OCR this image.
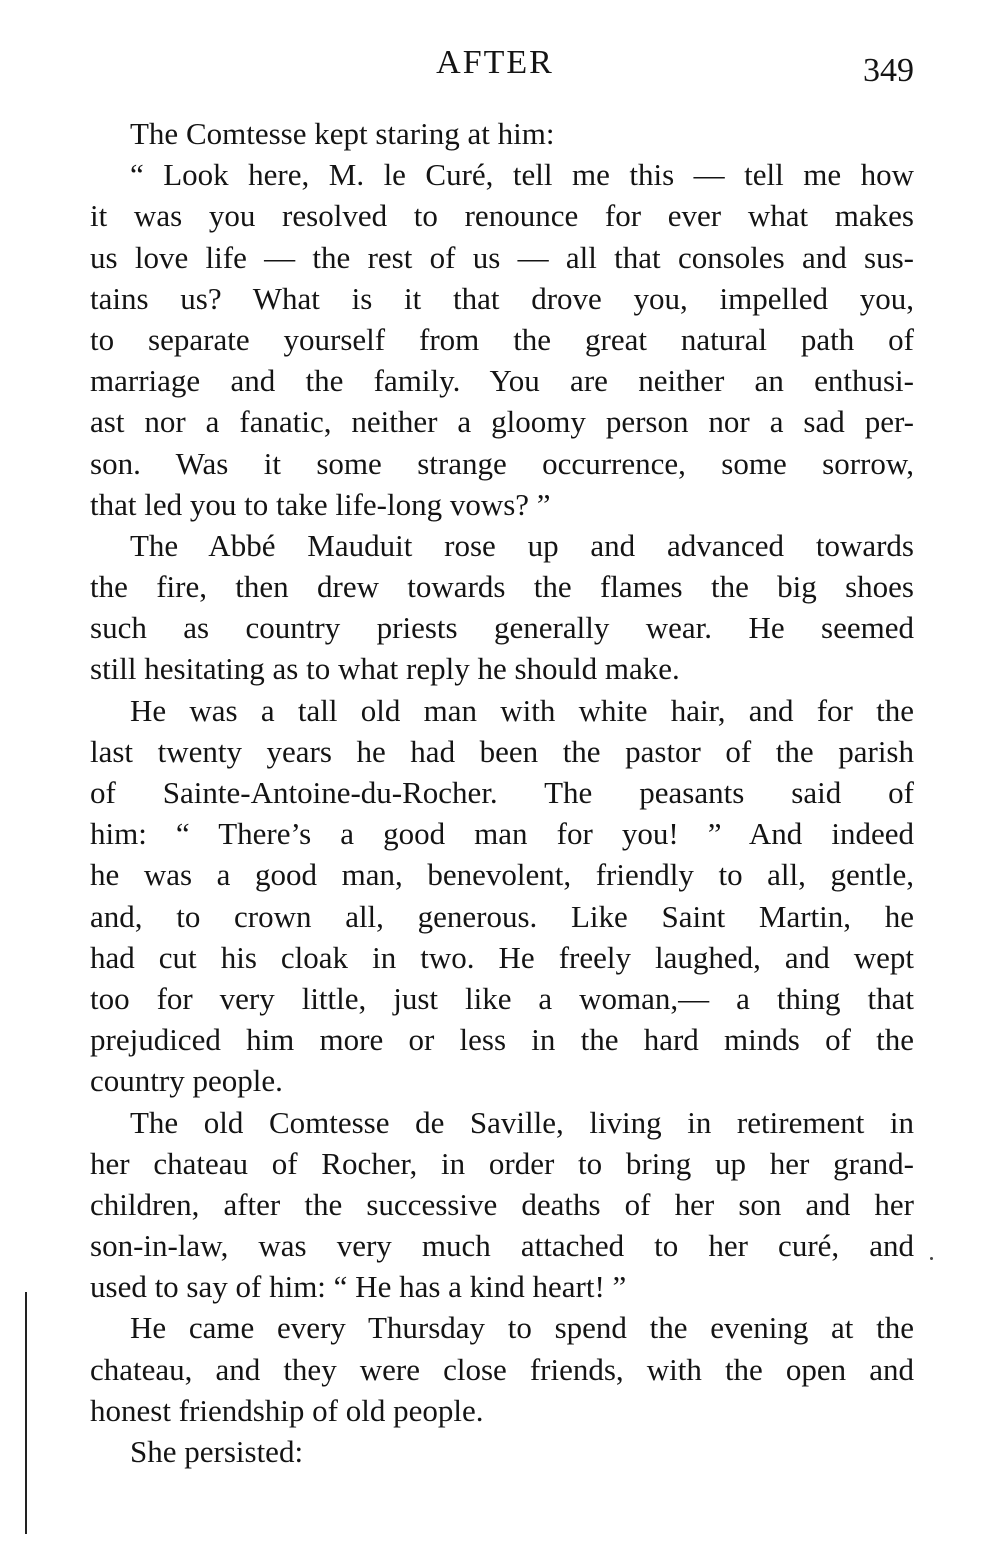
AFTER	349
The Comtesse kept staring at him:
“ Look here, M. le Curé, tell me this — tell me how
it was you resolved to renounce for ever what makes
us love life — the rest of us — all that consoles and sus-
tains us? What is it that drove you, impelled you,
to separate yourself from the great natural path of
marriage and the family. You are neither an enthusi-
ast nor a fanatic, neither a gloomy person nor a sad per-
son. Was it some strange occurrence, some sorrow,
that led you to take life-long vows? ”
The Abbé Mauduit rose up and advanced towards
the fire, then drew towards the flames the big shoes
such as country priests generally wear. He seemed
still hesitating as to what reply he should make.
He was a tall old man with white hair, and for the
last twenty years he had been the pastor of the parish
of Sainte-Antoine-du-Rocher. The peasants said of
him: “ There’s a good man for you! ” And indeed
he was a good man, benevolent, friendly to all, gentle,
and, to crown all, generous. Like Saint Martin, he
had cut his cloak in two. He freely laughed, and wept
too for very little, just like a woman,— a thing that
prejudiced him more or less in the hard minds of the
country people.
The old Comtesse de Saville, living in retirement in
her chateau of Rocher, in order to bring up her grand-
children, after the successive deaths of her son and her
son-in-law, was very much attached to her curé, and
used to say of him: “ He has a kind heart! ”
He came every Thursday to spend the evening at the
chateau, and they were close friends, with the open and
honest friendship of old people.
She persisted:
